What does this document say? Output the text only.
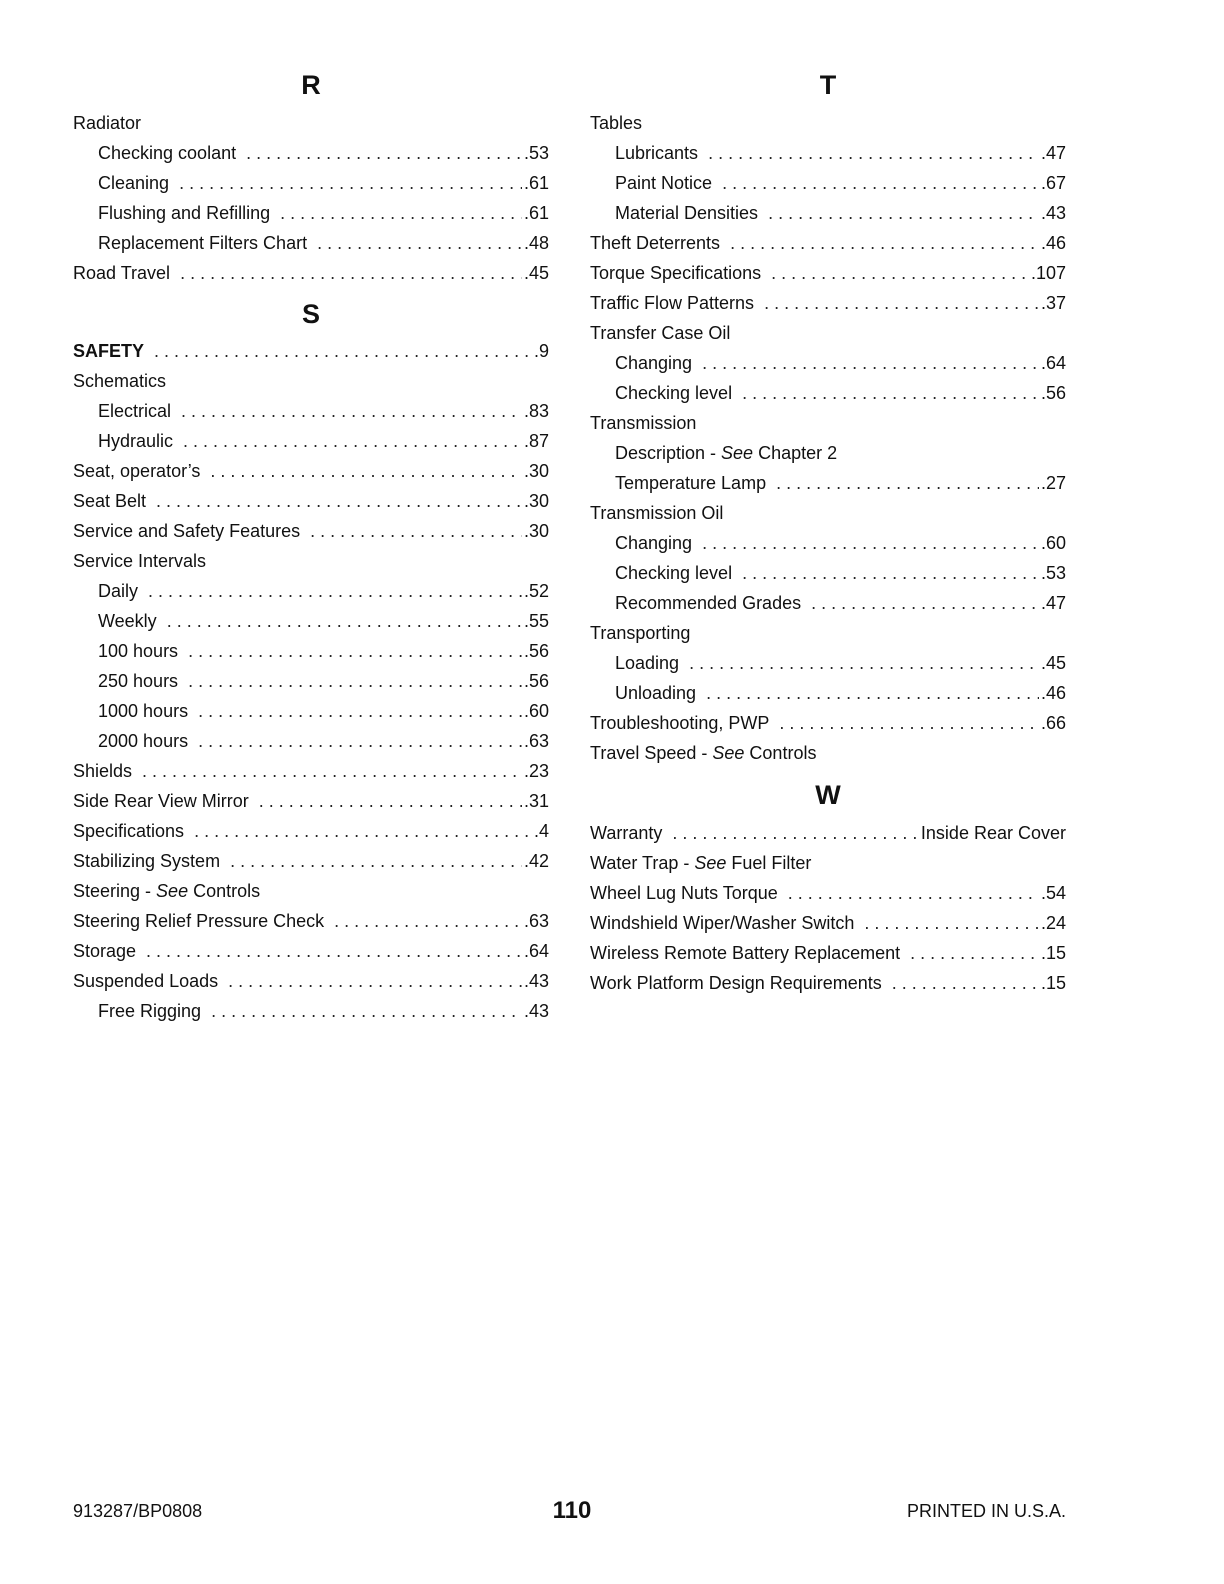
R
Radiator
Checking coolant . . .	.53
Cleaning . . .	.61
Flushing and Refilling . . .	.61
Replacement Filters Chart . . .	.48
Road Travel . . .	.45
S
SAFETY . . .	.9
Schematics
Electrical . . .	.83
Hydraulic . . .	.87
Seat, operator’s . . .	.30
Seat Belt . . .	.30
Service and Safety Features . . .	.30
Service Intervals
Daily . . .	.52
Weekly . . .	.55
100 hours . . .	.56
250 hours . . .	.56
1000 hours . . .	.60
2000 hours . . .	.63
Shields . . .	.23
Side Rear View Mirror . . .	.31
Specifications . . .	.4
Stabilizing System . . .	.42
Steering - See Controls
Steering Relief Pressure Check . . .	.63
Storage . . .	.64
Suspended Loads . . .	.43
Free Rigging . . .	.43
T
Tables
Lubricants . . .	.47
Paint Notice . . .	.67
Material Densities . . .	.43
Theft Deterrents . . .	.46
Torque Specifications . . .	.107
Traffic Flow Patterns . . .	.37
Transfer Case Oil
Changing . . .	.64
Checking level . . .	.56
Transmission
Description - See Chapter 2
Temperature Lamp . . .	.27
Transmission Oil
Changing . . .	.60
Checking level . . .	.53
Recommended Grades . . .	.47
Transporting
Loading . . .	.45
Unloading . . .	.46
Troubleshooting, PWP . . .	.66
Travel Speed - See Controls
W
Warranty . . .	Inside Rear Cover
Water Trap - See Fuel Filter
Wheel Lug Nuts Torque . . .	.54
Windshield Wiper/Washer Switch . . .	.24
Wireless Remote Battery Replacement . . .	.15
Work Platform Design Requirements . . .	.15
913287/BP0808	110	PRINTED IN U.S.A.
